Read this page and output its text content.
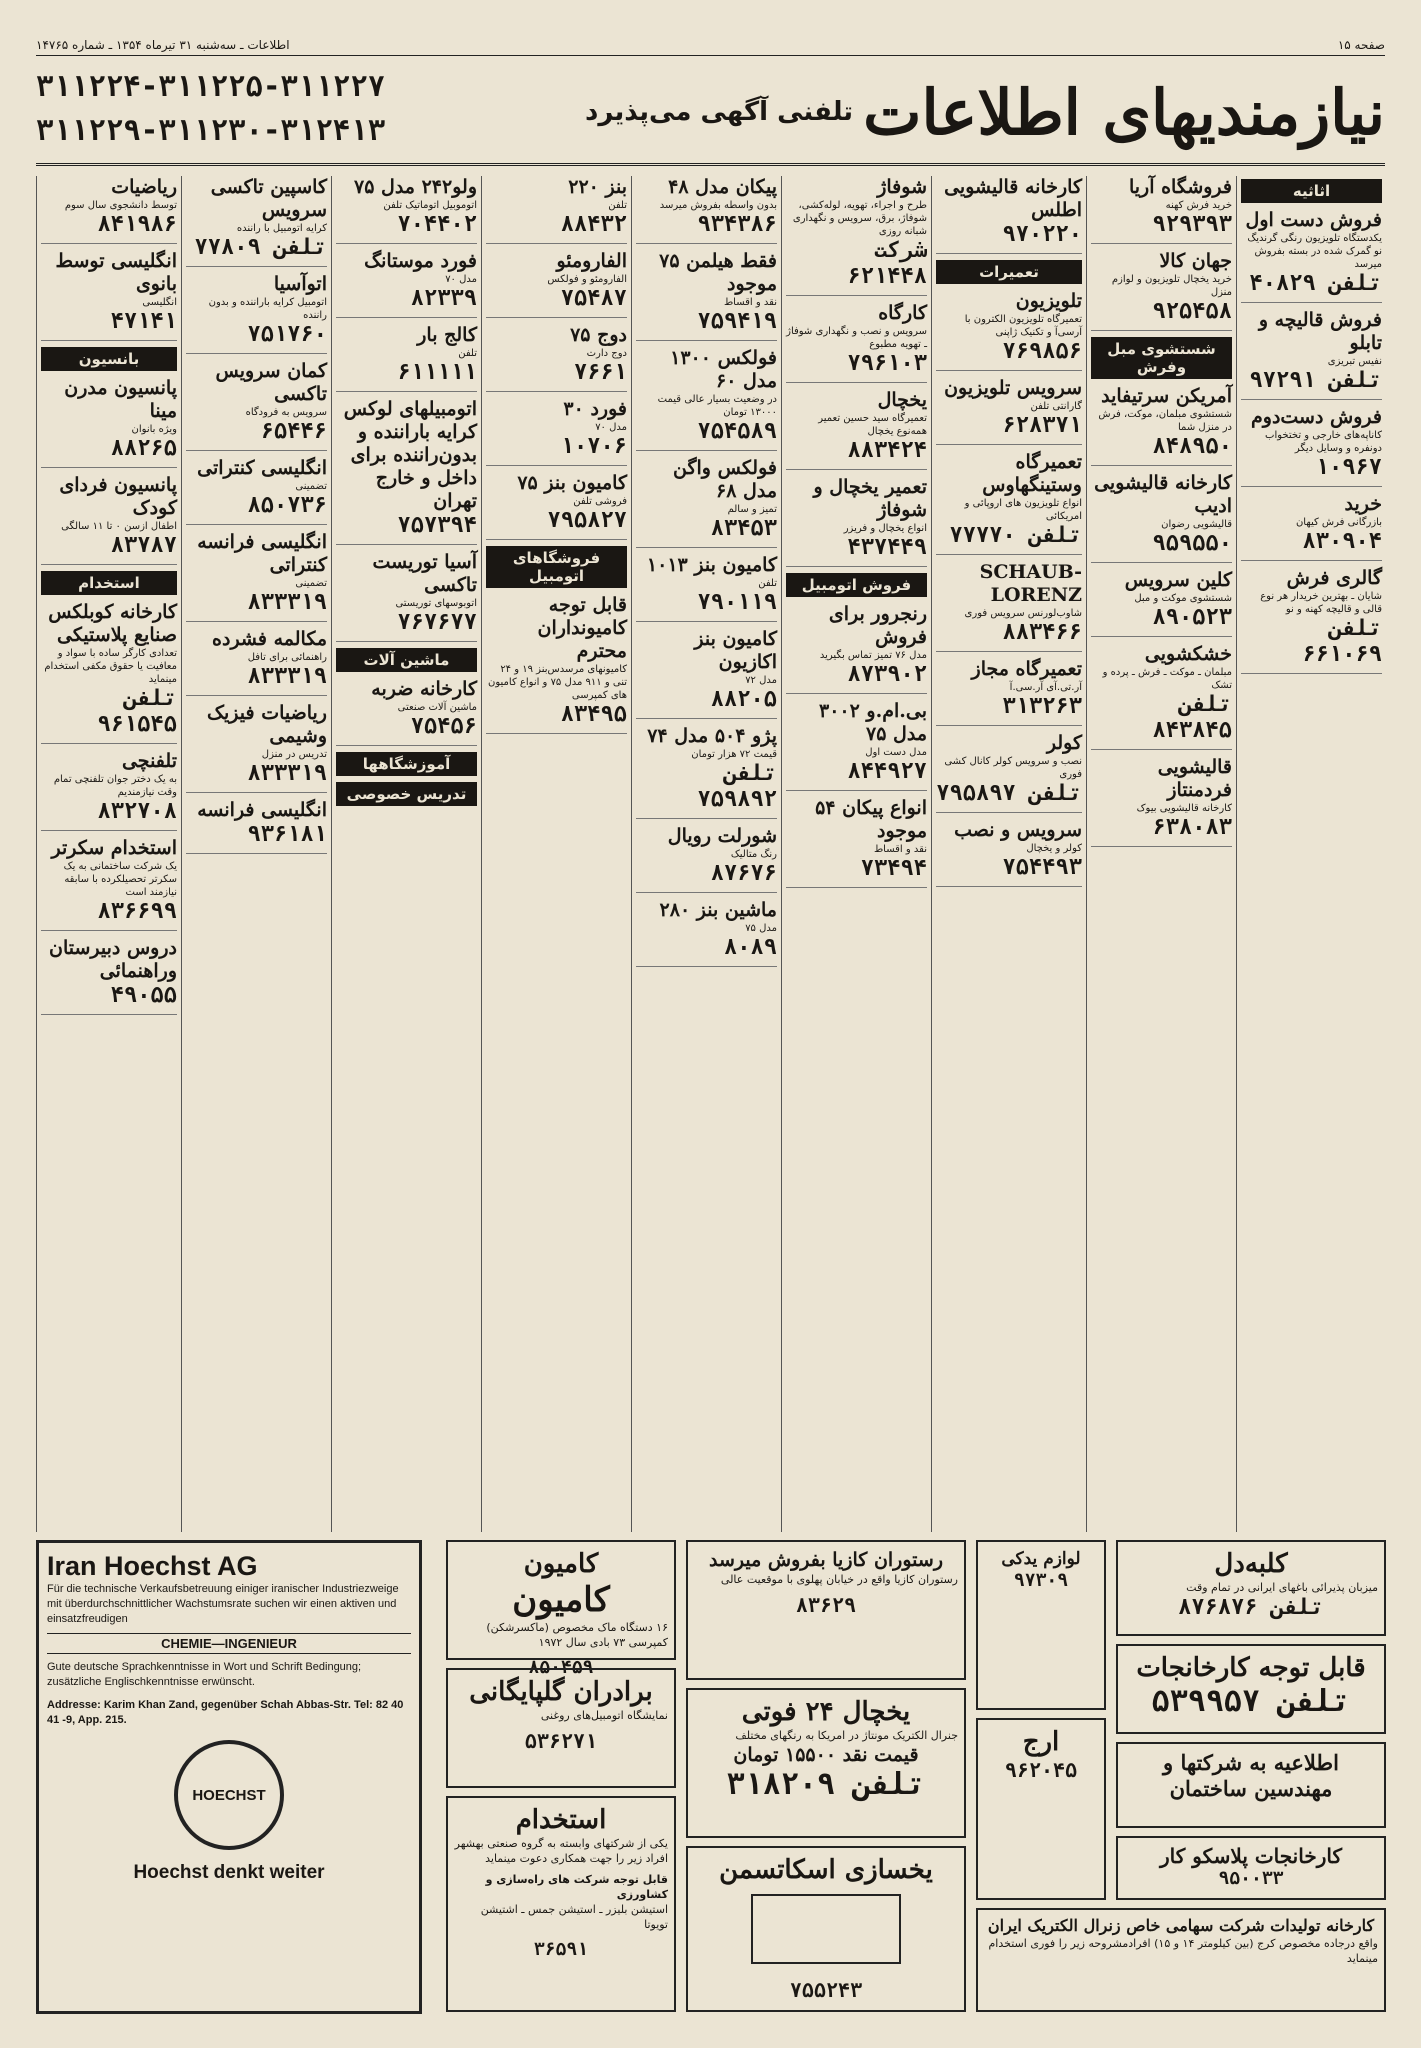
صفحه ۱۵
اطلاعات ـ سه‌شنبه ۳۱ تیرماه ۱۳۵۴ ـ شماره ۱۴۷۶۵
نیازمندیهای اطلاعات
تلفنی آگهی می‌پذیرد
۳۱۱۲۲۴-۳۱۱۲۲۵-۳۱۱۲۲۷
۳۱۱۲۲۹-۳۱۱۲۳۰-۳۱۲۴۱۳
اثاثیه
فروش دست اول

یکدستگاه تلویزیون رنگی گرندیگ نو گمرک شده در بسته بفروش میرسد

تلفن ۴۰۸۲۹
فروش قالیچه و تابلو

نفیس تبریزی

تلفن ۹۷۲۹۱
فروش دست‌دوم

کاناپه‌های خارجی و تختخواب دونفره و وسایل دیگر

۱۰۹۶۷
خرید

بازرگانی فرش کیهان

۸۳۰۹۰۴
گالری فرش

شایان ـ بهترین خریدار هر نوع قالی و قالیچه کهنه و نو

تلفن ۶۶۱۰۶۹
فروشگاه آریا

خرید فرش کهنه

۹۲۹۳۹۳
جهان کالا

خرید یخچال تلویزیون و لوازم منزل

۹۲۵۴۵۸
شستشوی مبل وفرش
آمریکن سرتیفاید

شستشوی مبلمان، موکت، فرش در منزل شما

۸۴۸۹۵۰
کارخانه قالیشویی ادیب

قالیشویی رضوان

۹۵۹۵۵۰
کلین سرویس

شستشوی موکت و مبل

۸۹۰۵۲۳
خشکشویی

مبلمان ـ موکت ـ فرش ـ پرده و تشک

تلفن ۸۴۳۸۴۵
قالیشویی فردمنتاز

کارخانه قالیشویی بیوک

۶۳۸۰۸۳
کارخانه قالیشویی اطلس
۹۷۰۲۲۰
تعمیرات
تلویزیون

تعمیرگاه تلویزیون الکترون با آرسی‌آ و تکنیک ژاپنی

۷۶۹۸۵۶
سرویس تلویزیون

گارانتی تلفن

۶۲۸۳۷۱
تعمیرگاه وستینگهاوس

انواع تلویزیون های اروپائی و امریکائی

تلفن ۷۷۷۷۰
SCHAUB-LORENZ

شاوب‌لورنس سرویس فوری

۸۸۳۴۶۶
تعمیرگاه مجاز

آر.تی.آی آر.سی.آ

۳۱۳۲۶۳
کولر

نصب و سرویس کولر کانال کشی فوری

تلفن ۷۹۵۸۹۷
سرویس و نصب

کولر و یخچال

۷۵۴۴۹۳
شوفاژ

طرح و اجراء، تهویه، لوله‌کشی، شوفاژ، برق، سرویس و نگهداری شبانه روزی

شرکت ۶۲۱۴۴۸
کارگاه

سرویس و نصب و نگهداری شوفاژ ـ تهویه مطبوع

۷۹۶۱۰۳
یخچال

تعمیرگاه سید حسین تعمیر همه‌نوع یخچال

۸۸۳۴۲۴
تعمیر یخچال و شوفاژ

انواع یخچال و فریزر

۴۳۷۴۴۹
فروش اتومبیل
رنجرور برای فروش

مدل ۷۶ تمیز تماس بگیرید

۸۷۳۹۰۲
بی.ام.و ۳۰۰۲ مدل ۷۵

مدل دست اول

۸۴۴۹۲۷
انواع پیکان ۵۴ موجود

نقد و اقساط

۷۳۴۹۴
پیکان مدل ۴۸

بدون واسطه بفروش میرسد

۹۳۴۳۸۶
فقط هیلمن ۷۵ موجود

نقد و اقساط

۷۵۹۴۱۹
فولکس ۱۳۰۰ مدل ۶۰

در وضعیت بسیار عالی قیمت ۱۳۰۰۰ تومان

۷۵۴۵۸۹
فولکس واگن مدل ۶۸

تمیز و سالم

۸۳۴۵۳
کامیون بنز ۱۰۱۳

تلفن

۷۹۰۱۱۹
کامیون بنز اکازیون

مدل ۷۲

۸۸۲۰۵
پژو ۵۰۴ مدل ۷۴

قیمت ۷۲ هزار تومان

تلفن ۷۵۹۸۹۲
شورلت رویال

رنگ متالیک

۸۷۶۷۶
ماشین بنز ۲۸۰

مدل ۷۵

۸۰۸۹
بنز ۲۲۰

تلفن

۸۸۴۳۲
الفارومئو

الفارومئو و فولکس

۷۵۴۸۷
دوج ۷۵

دوج دارت

۷۶۶۱
فورد ۳۰

مدل ۷۰

۱۰۷۰۶
کامیون بنز ۷۵

فروشی تلفن

۷۹۵۸۲۷
فروشگاهای اتومبیل
قابل توجه کامیونداران محترم

کامیونهای مرسدس‌بنز ۱۹ و ۲۴ تنی و ۹۱۱ مدل ۷۵ و انواع کامیون های کمپرسی

۸۳۴۹۵
ولو۲۴۲ مدل ۷۵

اتوموبیل اتوماتیک تلفن

۷۰۴۴۰۲
فورد موستانگ

مدل ۷۰

۸۲۳۳۹
کالج بار

تلفن

۶۱۱۱۱۱
اتومبیلهای لوکس کرایه بارانند‌ه و بدون‌راننده برای داخل و خارج تهران
۷۵۷۳۹۴
آسیا توریست تاکسی

اتوبوسهای توریستی

۷۶۷۶۷۷
ماشین آلات
کارخانه ضربه

ماشین آلات صنعتی

۷۵۴۵۶
آموزشگاهها
تدریس خصوصی
کاسپین تاکسی سرویس

کرایه اتومبیل با راننده

تلفن ۷۷۸۰۹
اتوآسیا

اتومبیل کرایه بارانند‌ه و بدون راننده

۷۵۱۷۶۰
کمان سرویس تاکسی

سرویس به فرودگاه

۶۵۴۴۶
انگلیسی کنتراتی

تضمینی

۸۵۰۷۳۶
انگلیسی فرانسه کنتراتی

تضمینی

۸۳۳۳۱۹
مکالمه فشرده

راهنمائی برای تافل

۸۳۳۳۱۹
ریاضیات فیزیک وشیمی

تدریس در منزل

۸۳۳۳۱۹
انگلیسی فرانسه
۹۳۶۱۸۱
ریاضیات

توسط دانشجوی سال سوم

۸۴۱۹۸۶
انگلیسی توسط بانوی

انگلیسی

۴۷۱۴۱
بانسیون
پانسیون مدرن مینا

ویژه بانوان

۸۸۲۶۵
پانسیون فردای کودک

اطفال ازسن ۰ تا ۱۱ سالگی

۸۳۷۸۷
استخدام
کارخانه کوبلکس صنایع پلاستیکی

تعدادی کارگر ساده با سواد و معافیت یا حقوق مکفی استخدام مینماید

تلفن ۹۶۱۵۴۵
تلفنچی

به یک دختر جوان تلفنچی تمام وقت نیازمندیم

۸۳۲۷۰۸
استخدام سکرتر

یک شرکت ساختمانی به یک سکرتر تحصیلکرده با سابقه نیازمند است

۸۳۶۶۹۹
دروس دبیرستان وراهنمائی
۴۹۰۵۵
کلبه‌دل

میزبان پذیرائی باغهای ایرانی در تمام وقت

تلفن ۸۷۶۸۷۶
قابل توجه کارخانجات
تلفن ۵۳۹۹۵۷
اطلاعیه به شرکتها و مهندسین ساختمان
کارخانجات پلاسکو کار
۹۵۰۰۳۳
کارخانه تولیدات شرکت سهامی خاص زنرال الکتریک ایران

واقع درجاده مخصوص کرج (بین کیلومتر ۱۴ و ۱۵) افرادمشروحه زیر را فوری استخدام مینماید

لوازم یدکی
۹۷۳۰۹
ارج
۹۶۲۰۴۵
رستوران کازیا بفروش میرسد

رستوران کازیا واقع در خیابان پهلوی با موقعیت عالی

۸۳۶۲۹
یخچال ۲۴ فوتی

جنرال الکتریک مونتاژ در امریکا به رنگهای مختلف

قیمت نقد ۱۵۵۰۰ تومان
تلفن ۳۱۸۲۰۹
یخسازی اسکاتسمن
۷۵۵۲۴۳
کامیون
کامیون

۱۶ دستگاه ماک مخصوص (ماکسرشکن) کمپرسی ۷۳ بادی سال ۱۹۷۲

۸۵۰۴۵۹
برادران گلپایگانی

نمایشگاه اتومبیل‌های روغنی

۵۳۶۲۷۱
استخدام

یکی از شرکتهای وابسته به گروه صنعتی بهشهر افراد زیر را جهت همکاری دعوت مینماید

قابل توجه شرکت های راه‌سازی و کشاورزی

استیشن بلیزر ـ استیشن جمس ـ اشتیشن تویوتا

۳۶۵۹۱
Iran Hoechst AG

Für die technische Verkaufsbetreuung einiger iranischer Industriezweige mit überdurchschnittlicher Wachstumsrate suchen wir einen aktiven und einsatzfreudigen

CHEMIE—INGENIEUR

Gute deutsche Sprachkenntnisse in Wort und Schrift Bedingung; zusätzliche Englischkenntnisse erwünscht.

Addresse: Karim Khan Zand, gegenüber Schah Abbas-Str. Tel: 82 40 41 -9, App. 215.

HOECHST
Hoechst denkt weiter
